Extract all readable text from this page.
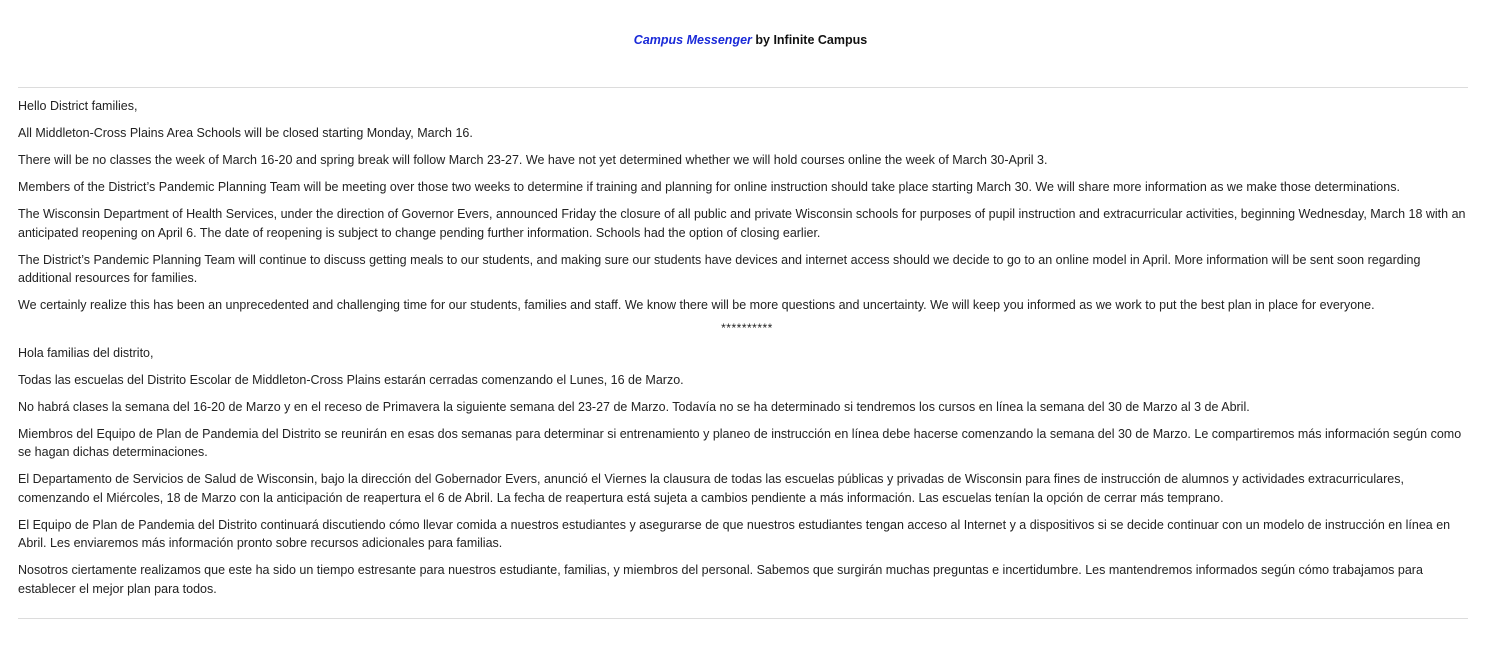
Campus Messenger by Infinite Campus

Hello District families,

All Middleton-Cross Plains Area Schools will be closed starting Monday, March 16.

There will be no classes the week of March 16-20 and spring break will follow March 23-27. We have not yet determined whether we will hold courses online the week of March 30-April 3.

Members of the District’s Pandemic Planning Team will be meeting over those two weeks to determine if training and planning for online instruction should take place starting March 30. We will share more information as we make those determinations.

The Wisconsin Department of Health Services, under the direction of Governor Evers, announced Friday the closure of all public and private Wisconsin schools for purposes of pupil instruction and extracurricular activities, beginning Wednesday, March 18 with an anticipated reopening on April 6. The date of reopening is subject to change pending further information. Schools had the option of closing earlier.

The District’s Pandemic Planning Team will continue to discuss getting meals to our students, and making sure our students have devices and internet access should we decide to go to an online model in April. More information will be sent soon regarding additional resources for families.

We certainly realize this has been an unprecedented and challenging time for our students, families and staff. We know there will be more questions and uncertainty. We will keep you informed as we work to put the best plan in place for everyone.

**********

Hola familias del distrito,

Todas las escuelas del Distrito Escolar de Middleton-Cross Plains estarán cerradas comenzando el Lunes, 16 de Marzo.

No habrá clases la semana del 16-20 de Marzo y en el receso de Primavera la siguiente semana del 23-27 de Marzo. Todavía no se ha determinado si tendremos los cursos en línea la semana del 30 de Marzo al 3 de Abril.

Miembros del Equipo de Plan de Pandemia del Distrito se reunirán en esas dos semanas para determinar si entrenamiento y planeo de instrucción en línea debe hacerse comenzando la semana del 30 de Marzo. Le compartiremos más información según como se hagan dichas determinaciones.

El Departamento de Servicios de Salud de Wisconsin, bajo la dirección del Gobernador Evers, anunció el Viernes la clausura de todas las escuelas públicas y privadas de Wisconsin para fines de instrucción de alumnos y actividades extracurriculares, comenzando el Miércoles, 18 de Marzo con la anticipación de reapertura el 6 de Abril. La fecha de reapertura está sujeta a cambios pendiente a más información. Las escuelas tenían la opción de cerrar más temprano.

El Equipo de Plan de Pandemia del Distrito continuará discutiendo cómo llevar comida a nuestros estudiantes y asegurarse de que nuestros estudiantes tengan acceso al Internet y a dispositivos si se decide continuar con un modelo de instrucción en línea en Abril. Les enviaremos más información pronto sobre recursos adicionales para familias.

Nosotros ciertamente realizamos que este ha sido un tiempo estresante para nuestros estudiante, familias, y miembros del personal. Sabemos que surgirán muchas preguntas e incertidumbre. Les mantendremos informados según cómo trabajamos para establecer el mejor plan para todos.
